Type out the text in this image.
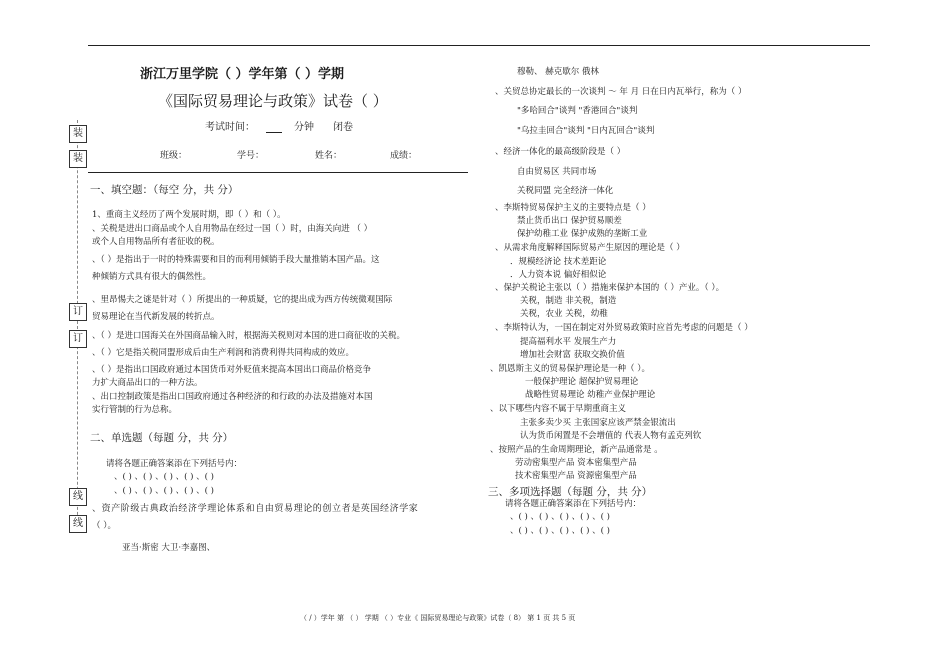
装
装
订
订
线
线
浙江万里学院（ ）学年第（ ）学期
《国际贸易理论与政策》试卷（ ）
考试时间：	分钟 闭卷
班级：	学号：	姓名：	成绩：
一、填空题：（每空 分，共 分）
1、重商主义经历了两个发展时期，即（ ）和（ ）。
、关税是进出口商品或个人自用物品在经过一国（ ）时，由海关向进 （ ）
或个人自用物品所有者征收的税。
、（ ）是指出于一时的特殊需要和目的而利用倾销手段大量推销本国产品。这
种倾销方式具有很大的偶然性。
、里昂惕夫之谜是针对（ ）所提出的一种质疑，它的提出成为西方传统微观国际
贸易理论在当代新发展的转折点。
、（ ）是进口国海关在外国商品输入时，根据海关税则对本国的进口商征收的关税。
、（ ）它是指关税同盟形成后由生产利润和消费利得共同构成的效应。
、（ ）是指出口国政府通过本国货币对外贬值来提高本国出口商品价格竞争
力扩大商品出口的一种方法。
、出口控制政策是指出口国政府通过各种经济的和行政的办法及措施对本国
实行管制的行为总称。
二、单选题（每题 分，共 分）
请将各题正确答案添在下列括号内：
、( ) 、( ) 、( ) 、( ) 、( )
、( ) 、( ) 、( ) 、( ) 、( )
、资产阶级古典政治经济学理论体系和自由贸易理论的创立者是英国经济学家
（ ）。
亚当·斯密 大卫·李嘉图、
穆勒、 赫克歇尔 俄林
、关贸总协定最长的一次谈判 ～ 年 月 日在日内瓦举行，称为（ ）
"多哈回合"谈判 "香港回合"谈判
"乌拉圭回合"谈判 "日内瓦回合"谈判
、经济一体化的最高级阶段是（ ）
自由贸易区 共同市场
关税同盟 完全经济一体化
、李斯特贸易保护主义的主要特点是（ ）
禁止货币出口 保护贸易顺差
保护幼稚工业 保护成熟的垄断工业
、从需求角度解释国际贸易产生原因的理论是（ ）
．规模经济论 技术差距论
．人力资本说 偏好相似论
、保护关税论主张以（ ）措施来保护本国的（ ）产业。（ ）。
关税，制造 非关税，制造
关税，农业 关税，幼稚
、李斯特认为，一国在制定对外贸易政策时应首先考虑的问题是（ ）
提高福利水平 发展生产力
增加社会财富 获取交换价值
、凯恩斯主义的贸易保护理论是一种（ ）。
一般保护理论 超保护贸易理论
战略性贸易理论 幼稚产业保护理论
、以下哪些内容不属于早期重商主义
主张多卖少买 主张国家应该严禁金银流出
认为货币闲置是不会增值的 代表人物有孟克列钦
、按照产品的生命周期理论，新产品通常是 。
劳动密集型产品 资本密集型产品
技术密集型产品 资源密集型产品
三、多项选择题（每题 分，共 分）
请将各题正确答案添在下列括号内：
、( ) 、( ) 、( ) 、( ) 、( )
、( ) 、( ) 、( ) 、( ) 、( )
（ / ）学年 第 （ ） 学期 （ ）专业《 国际贸易理论与政策》试卷（ 8） 第 1 页 共 5 页
